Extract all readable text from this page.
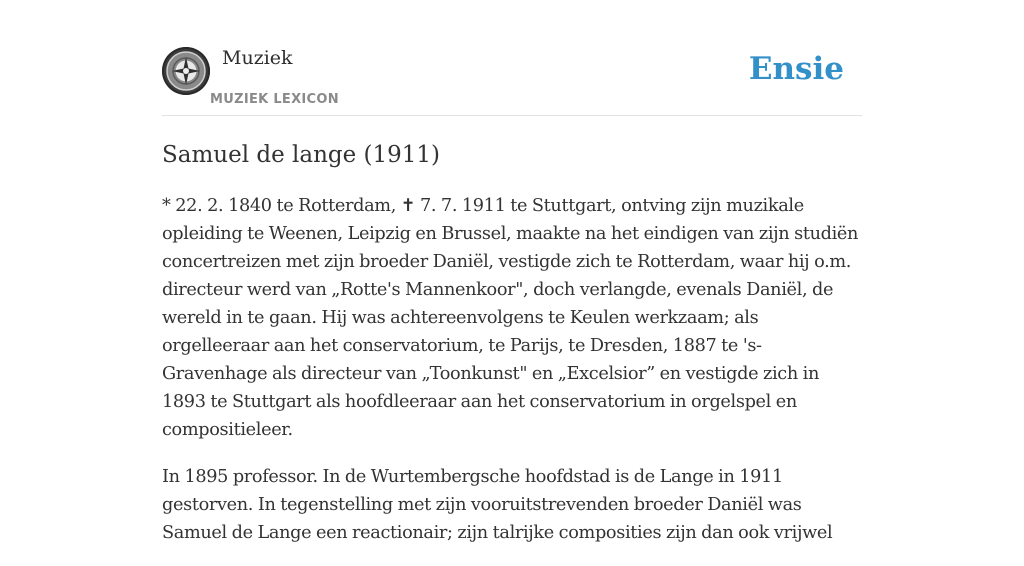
Muziek
MUZIEK LEXICON
Ensie
Samuel de lange (1911)

* 22. 2. 1840 te Rotterdam, ✝ 7. 7. 1911 te Stuttgart, ontving zijn muzikale opleiding te Weenen, Leipzig en Brussel, maakte na het eindigen van zijn studiën concertreizen met zijn broeder Daniël, vestigde zich te Rotterdam, waar hij o.m. directeur werd van „Rotte's Mannenkoor", doch verlangde, evenals Daniël, de wereld in te gaan. Hij was achtereenvolgens te Keulen werkzaam; als orgelleeraar aan het conservatorium, te Parijs, te Dresden, 1887 te 's-Gravenhage als directeur van „Toonkunst" en „Excelsior” en vestigde zich in 1893 te Stuttgart als hoofdleeraar aan het conservatorium in orgelspel en compositieleer.

In 1895 professor. In de Wurtembergsche hoofdstad is de Lange in 1911 gestorven. In tegenstelling met zijn vooruitstrevenden broeder Daniël was Samuel de Lange een reactionair; zijn talrijke composities zijn dan ook vrijwel
